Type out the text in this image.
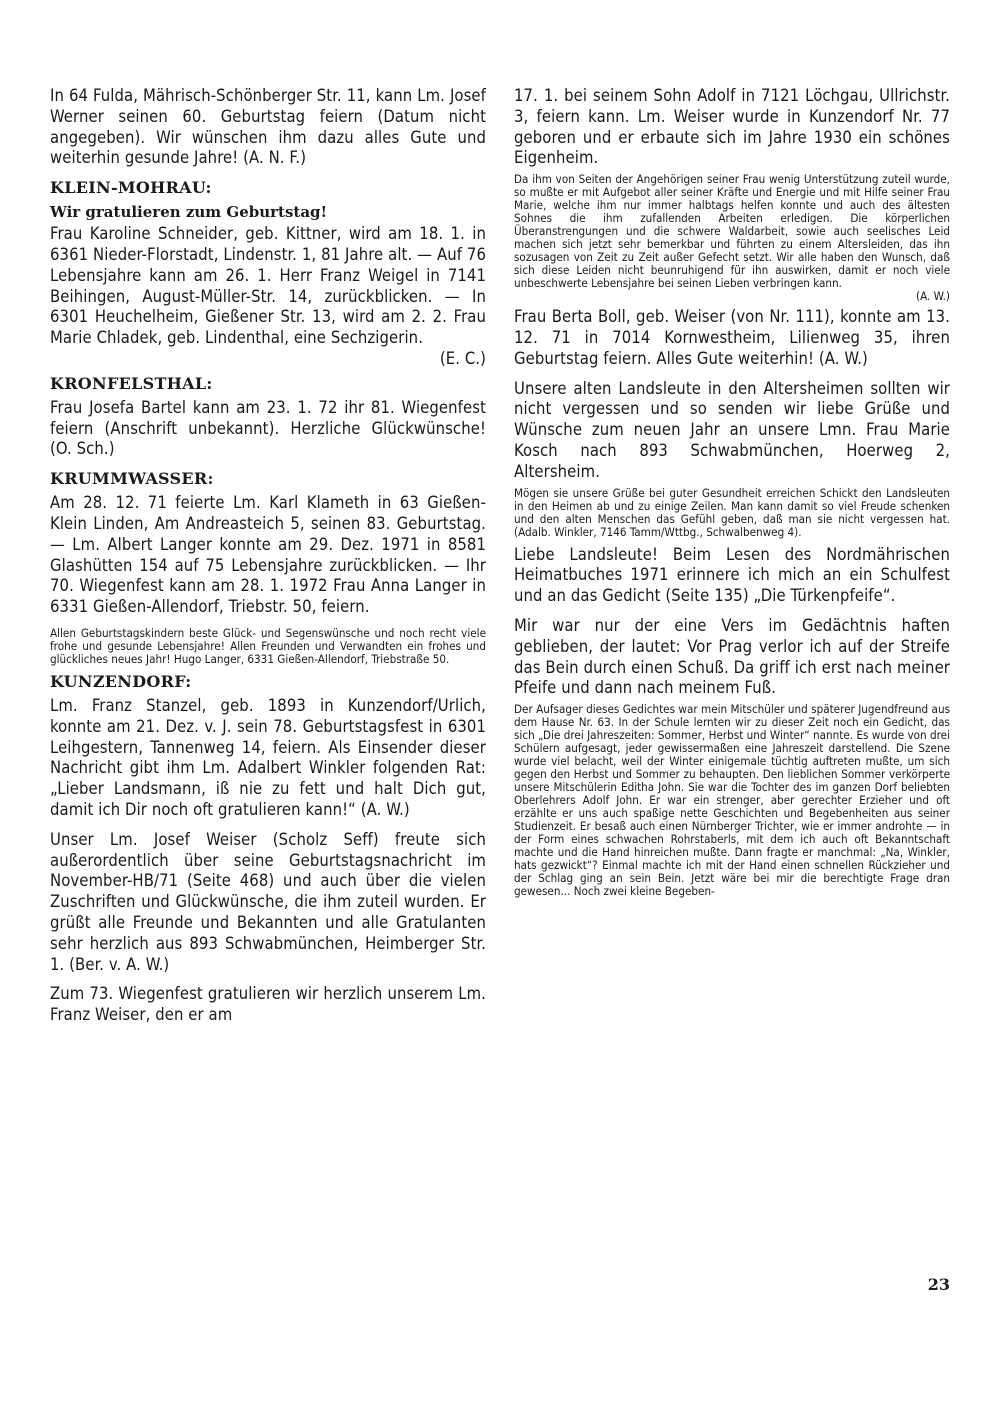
In 64 Fulda, Mährisch-Schönberger Str. 11, kann Lm. Josef Werner seinen 60. Geburtstag feiern (Datum nicht angegeben). Wir wünschen ihm dazu alles Gute und weiterhin gesunde Jahre! (A. N. F.)

KLEIN-MOHRAU:
Wir gratulieren zum Geburtstag!

Frau Karoline Schneider, geb. Kittner, wird am 18. 1. in 6361 Nieder-Florstadt, Lindenstr. 1, 81 Jahre alt. — Auf 76 Lebensjahre kann am 26. 1. Herr Franz Weigel in 7141 Beihingen, August-Müller-Str. 14, zurückblicken. — In 6301 Heuchelheim, Gießener Str. 13, wird am 2. 2. Frau Marie Chladek, geb. Lindenthal, eine Sechzigerin.

(E. C.)
KRONFELSTHAL:

Frau Josefa Bartel kann am 23. 1. 72 ihr 81. Wiegenfest feiern (Anschrift unbekannt). Herzliche Glückwünsche! (O. Sch.)

KRUMMWASSER:

Am 28. 12. 71 feierte Lm. Karl Klameth in 63 Gießen-Klein Linden, Am Andreasteich 5, seinen 83. Geburtstag. — Lm. Albert Langer konnte am 29. Dez. 1971 in 8581 Glashütten 154 auf 75 Lebensjahre zurückblicken. — Ihr 70. Wiegenfest kann am 28. 1. 1972 Frau Anna Langer in 6331 Gießen-Allendorf, Triebstr. 50, feiern.

Allen Geburtstagskindern beste Glück- und Segenswünsche und noch recht viele frohe und gesunde Lebensjahre! Allen Freunden und Verwandten ein frohes und glückliches neues Jahr! Hugo Langer, 6331 Gießen-Allendorf, Triebstraße 50.

KUNZENDORF:

Lm. Franz Stanzel, geb. 1893 in Kunzendorf/Urlich, konnte am 21. Dez. v. J. sein 78. Geburtstagsfest in 6301 Leihgestern, Tannenweg 14, feiern. Als Einsender dieser Nachricht gibt ihm Lm. Adalbert Winkler folgenden Rat: „Lieber Landsmann, iß nie zu fett und halt Dich gut, damit ich Dir noch oft gratulieren kann!“ (A. W.)

Unser Lm. Josef Weiser (Scholz Seff) freute sich außerordentlich über seine Geburtstagsnachricht im November-HB/71 (Seite 468) und auch über die vielen Zuschriften und Glückwünsche, die ihm zuteil wurden. Er grüßt alle Freunde und Bekannten und alle Gratulanten sehr herzlich aus 893 Schwabmünchen, Heimberger Str. 1. (Ber. v. A. W.)

Zum 73. Wiegenfest gratulieren wir herzlich unserem Lm. Franz Weiser, den er am

17. 1. bei seinem Sohn Adolf in 7121 Löchgau, Ullrichstr. 3, feiern kann. Lm. Weiser wurde in Kunzendorf Nr. 77 geboren und er erbaute sich im Jahre 1930 ein schönes Eigenheim.

Da ihm von Seiten der Angehörigen seiner Frau wenig Unterstützung zuteil wurde, so mußte er mit Aufgebot aller seiner Kräfte und Energie und mit Hilfe seiner Frau Marie, welche ihm nur immer halbtags helfen konnte und auch des ältesten Sohnes die ihm zufallenden Arbeiten erledigen. Die körperlichen Überanstrengungen und die schwere Waldarbeit, sowie auch seelisches Leid machen sich jetzt sehr bemerkbar und führten zu einem Altersleiden, das ihn sozusagen von Zeit zu Zeit außer Gefecht setzt. Wir alle haben den Wunsch, daß sich diese Leiden nicht beunruhigend für ihn auswirken, damit er noch viele unbeschwerte Lebensjahre bei seinen Lieben verbringen kann.

(A. W.)

Frau Berta Boll, geb. Weiser (von Nr. 111), konnte am 13. 12. 71 in 7014 Kornwestheim, Lilienweg 35, ihren Geburtstag feiern. Alles Gute weiterhin! (A. W.)

Unsere alten Landsleute in den Altersheimen sollten wir nicht vergessen und so senden wir liebe Grüße und Wünsche zum neuen Jahr an unsere Lmn. Frau Marie Kosch nach 893 Schwabmünchen, Hoerweg 2, Altersheim.

Mögen sie unsere Grüße bei guter Gesundheit erreichen Schickt den Landsleuten in den Heimen ab und zu einige Zeilen. Man kann damit so viel Freude schenken und den alten Menschen das Gefühl geben, daß man sie nicht vergessen hat. (Adalb. Winkler, 7146 Tamm/Wttbg., Schwalbenweg 4).

Liebe Landsleute! Beim Lesen des Nordmährischen Heimatbuches 1971 erinnere ich mich an ein Schulfest und an das Gedicht (Seite 135) „Die Türkenpfeife“.

Mir war nur der eine Vers im Gedächtnis haften geblieben, der lautet: Vor Prag verlor ich auf der Streife das Bein durch einen Schuß. Da griff ich erst nach meiner Pfeife und dann nach meinem Fuß.

Der Aufsager dieses Gedichtes war mein Mitschüler und späterer Jugendfreund aus dem Hause Nr. 63. In der Schule lernten wir zu dieser Zeit noch ein Gedicht, das sich „Die drei Jahreszeiten: Sommer, Herbst und Winter“ nannte. Es wurde von drei Schülern aufgesagt, jeder gewissermaßen eine Jahreszeit darstellend. Die Szene wurde viel belacht, weil der Winter einigemale tüchtig auftreten mußte, um sich gegen den Herbst und Sommer zu behaupten. Den lieblichen Sommer verkörperte unsere Mitschülerin Editha John. Sie war die Tochter des im ganzen Dorf beliebten Oberlehrers Adolf John. Er war ein strenger, aber gerechter Erzieher und oft erzählte er uns auch spaßige nette Geschichten und Begebenheiten aus seiner Studienzeit. Er besaß auch einen Nürnberger Trichter, wie er immer androhte — in der Form eines schwachen Rohrstaberls, mit dem ich auch oft Bekanntschaft machte und die Hand hinreichen mußte. Dann fragte er manchmal: „Na, Winkler, hats gezwickt“? Einmal machte ich mit der Hand einen schnellen Rückzieher und der Schlag ging an sein Bein. Jetzt wäre bei mir die berechtigte Frage dran gewesen... Noch zwei kleine Begeben-

23
